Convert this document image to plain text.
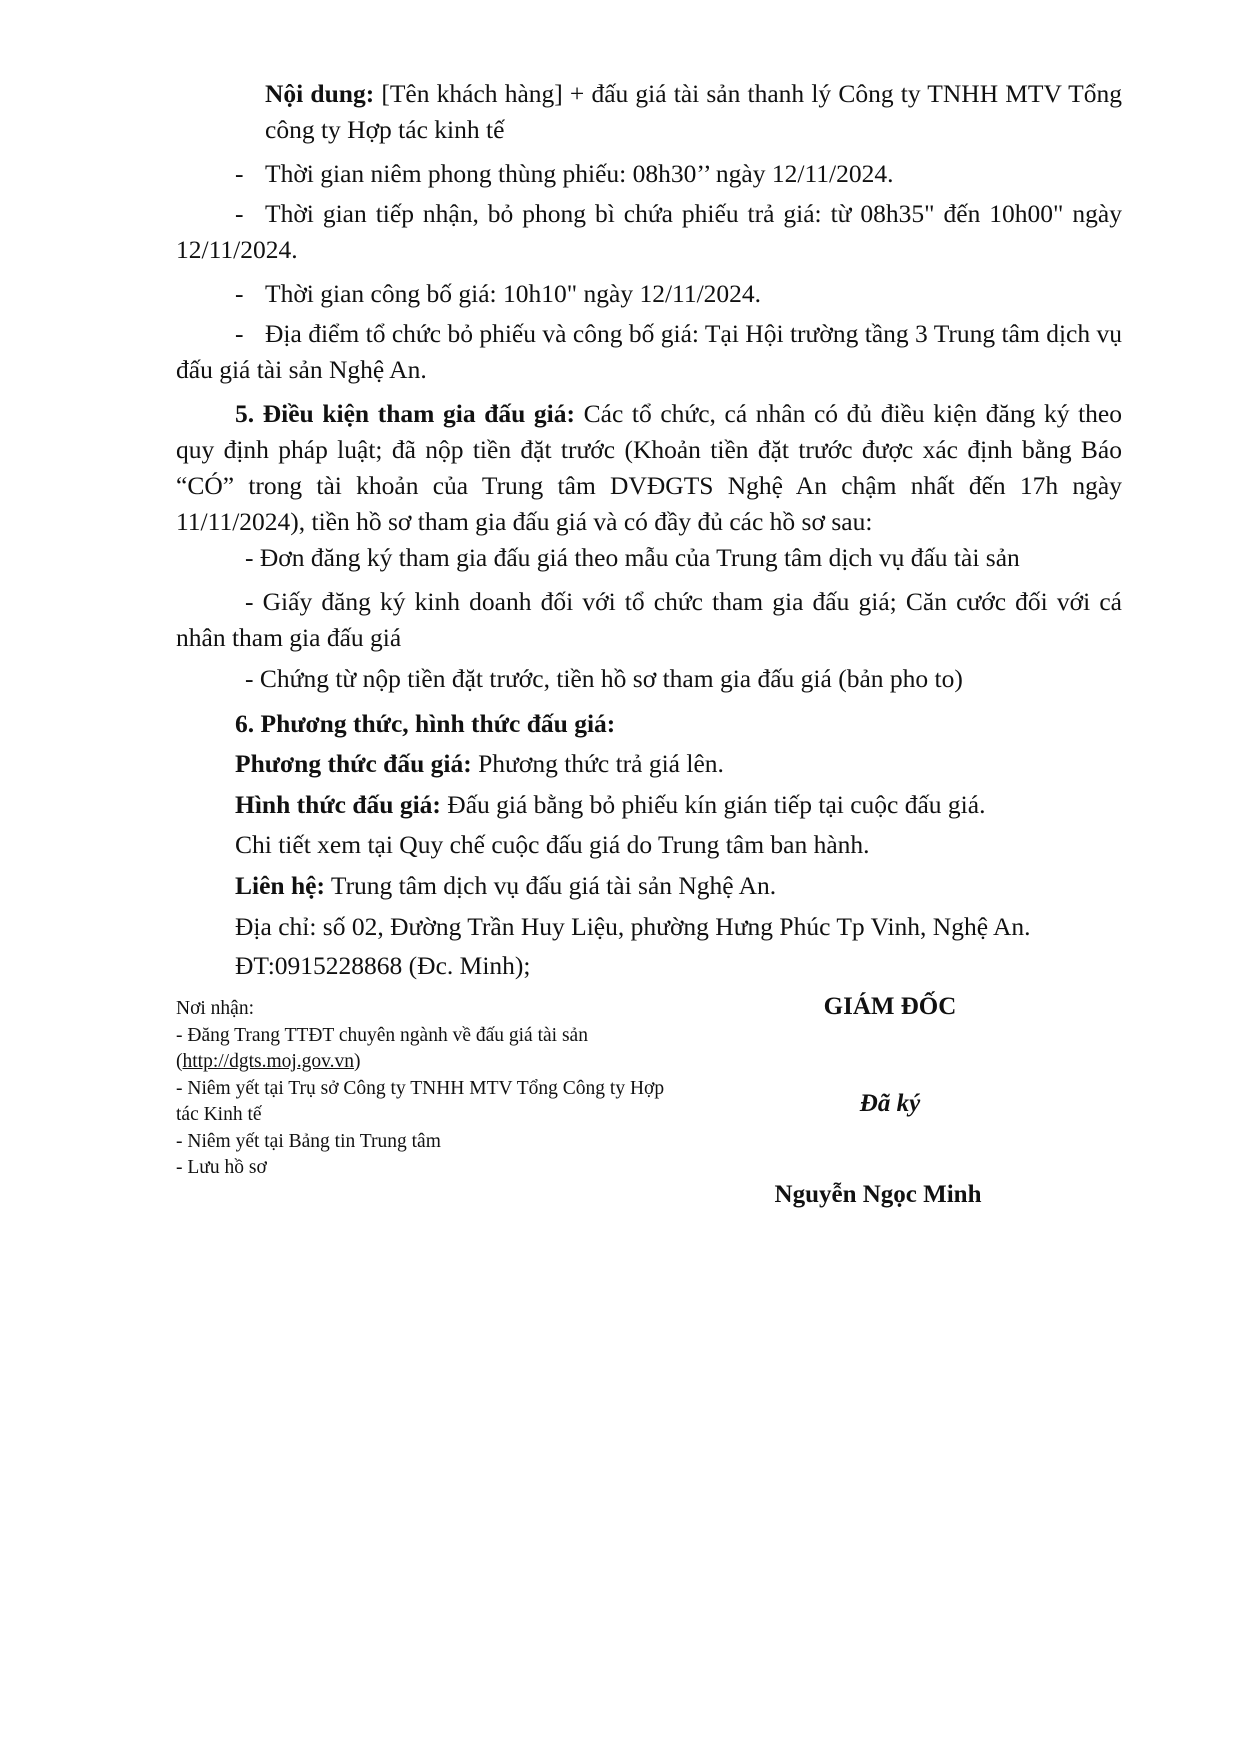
Nội dung: [Tên khách hàng] + đấu giá tài sản thanh lý Công ty TNHH MTV Tổng công ty Hợp tác kinh tế

- Thời gian niêm phong thùng phiếu: 08h30’’ ngày 12/11/2024.

- Thời gian tiếp nhận, bỏ phong bì chứa phiếu trả giá: từ 08h35" đến 10h00" ngày 12/11/2024.

- Thời gian công bố giá: 10h10" ngày 12/11/2024.

- Địa điểm tổ chức bỏ phiếu và công bố giá: Tại Hội trường tầng 3 Trung tâm dịch vụ đấu giá tài sản Nghệ An.

5. Điều kiện tham gia đấu giá: Các tổ chức, cá nhân có đủ điều kiện đăng ký theo quy định pháp luật; đã nộp tiền đặt trước (Khoản tiền đặt trước được xác định bằng Báo “CÓ” trong tài khoản của Trung tâm DVĐGTS Nghệ An chậm nhất đến 17h ngày 11/11/2024), tiền hồ sơ tham gia đấu giá và có đầy đủ các hồ sơ sau:

- Đơn đăng ký tham gia đấu giá theo mẫu của Trung tâm dịch vụ đấu tài sản

- Giấy đăng ký kinh doanh đối với tổ chức tham gia đấu giá; Căn cước đối với cá nhân tham gia đấu giá

- Chứng từ nộp tiền đặt trước, tiền hồ sơ tham gia đấu giá (bản pho to)

6. Phương thức, hình thức đấu giá:

Phương thức đấu giá: Phương thức trả giá lên.

Hình thức đấu giá: Đấu giá bằng bỏ phiếu kín gián tiếp tại cuộc đấu giá.

Chi tiết xem tại Quy chế cuộc đấu giá do Trung tâm ban hành.

Liên hệ: Trung tâm dịch vụ đấu giá tài sản Nghệ An.

Địa chỉ: số 02, Đường Trần Huy Liệu, phường Hưng Phúc Tp Vinh, Nghệ An.

ĐT:0915228868 (Đc. Minh);

Nơi nhận:
- Đăng Trang TTĐT chuyên ngành về đấu giá tài sản (http://dgts.moj.gov.vn)
- Niêm yết tại Trụ sở Công ty TNHH MTV Tổng Công ty Hợp tác Kinh tế
- Niêm yết tại Bảng tin Trung tâm
- Lưu hồ sơ
GIÁM ĐỐC
Đã ký
Nguyễn Ngọc Minh
